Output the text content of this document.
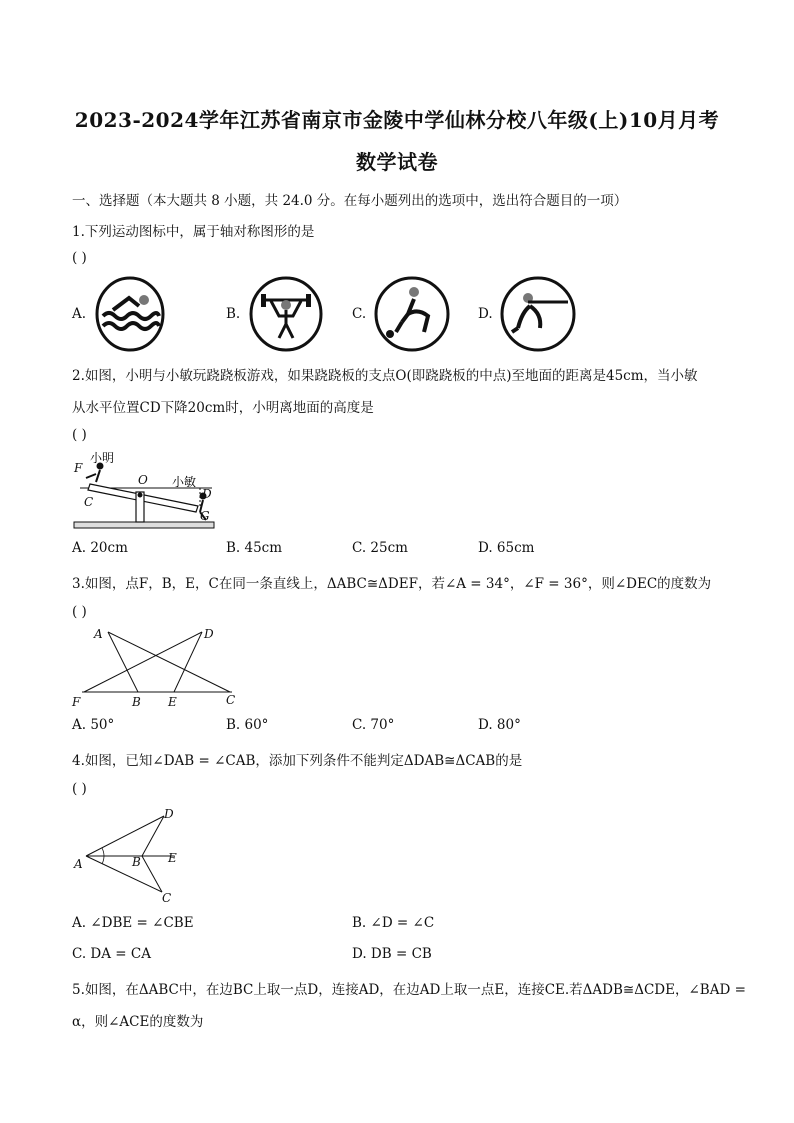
2023-2024学年江苏省南京市金陵中学仙林分校八年级(上)10月月考
数学试卷
一、选择题（本大题共 8 小题，共 24.0 分。在每小题列出的选项中，选出符合题目的一项）
1.下列运动图标中，属于轴对称图形的是
( )
A.	B.	C.	D.
2.如图，小明与小敏玩跷跷板游戏，如果跷跷板的支点O(即跷跷板的中点)至地面的距离是45cm，当小敏
从水平位置CD下降20cm时，小明离地面的高度是
( )
F
小明
C
O 小敏
D
G
A. 20cm	B. 45cm	C. 25cm	D. 65cm
3.如图，点F，B，E，C在同一条直线上，ΔABC≅ΔDEF，若∠A = 34°，∠F = 36°，则∠DEC的度数为
( )
A	D
F	B E	C
A. 50°	B. 60°	C. 70°	D. 80°
4.如图，已知∠DAB = ∠CAB，添加下列条件不能判定ΔDAB≅ΔCAB的是
( )
D
A	B E
C
A. ∠DBE = ∠CBE	B. ∠D = ∠C
C. DA = CA	D. DB = CB
5.如图，在ΔABC中，在边BC上取一点D，连接AD，在边AD上取一点E，连接CE.若ΔADB≅ΔCDE，∠BAD =
α，则∠ACE的度数为
